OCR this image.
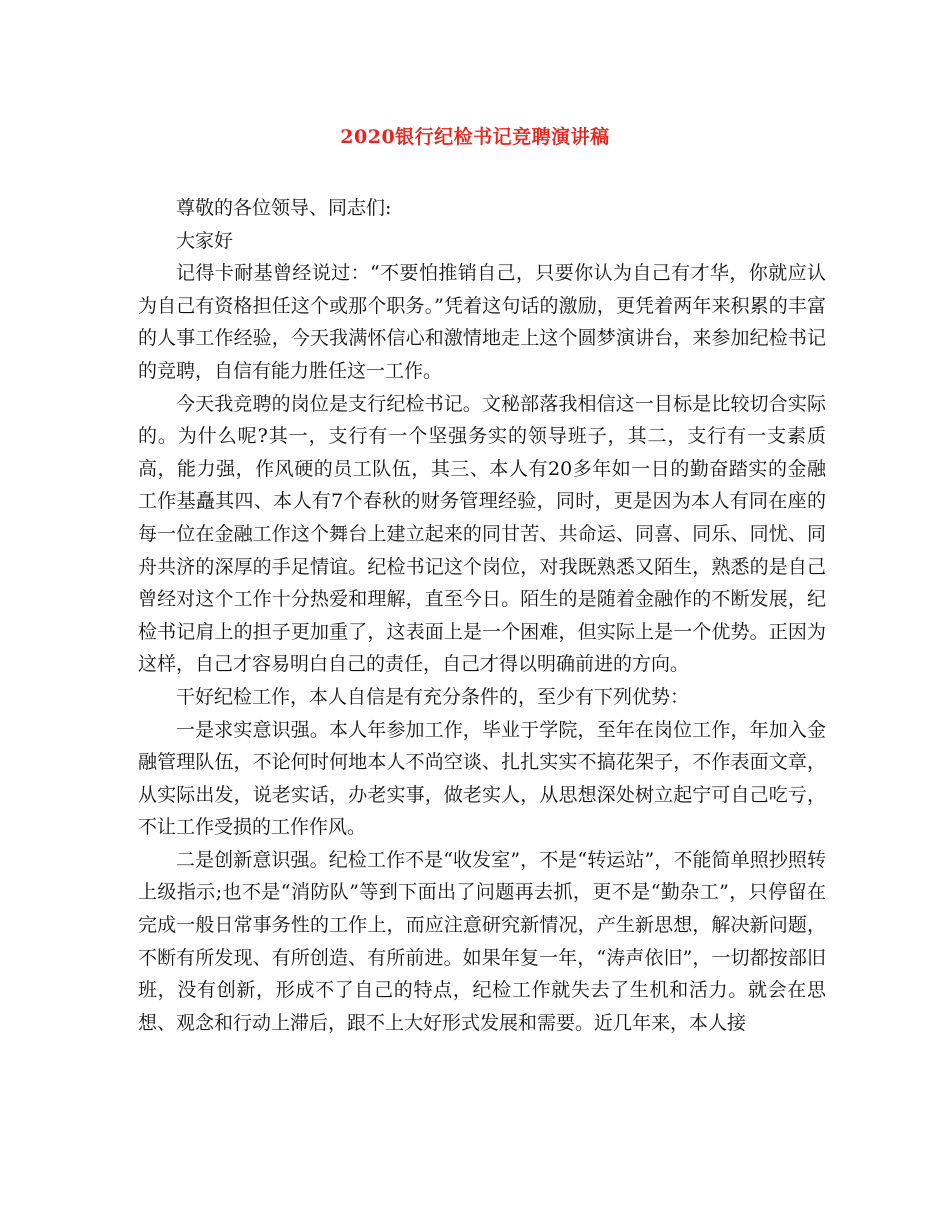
2020银行纪检书记竞聘演讲稿

尊敬的各位领导、同志们:

大家好

记得卡耐基曾经说过：“不要怕推销自己，只要你认为自己有才华，你就应认为自己有资格担任这个或那个职务。”凭着这句话的激励，更凭着两年来积累的丰富的人事工作经验，今天我满怀信心和激情地走上这个圆梦演讲台，来参加纪检书记的竞聘，自信有能力胜任这一工作。

今天我竞聘的岗位是支行纪检书记。文秘部落我相信这一目标是比较切合实际的。为什么呢?其一，支行有一个坚强务实的领导班子，其二，支行有一支素质高，能力强，作风硬的员工队伍，其三、本人有20多年如一日的勤奋踏实的金融工作基矗其四、本人有7个春秋的财务管理经验，同时，更是因为本人有同在座的每一位在金融工作这个舞台上建立起来的同甘苦、共命运、同喜、同乐、同忧、同舟共济的深厚的手足情谊。纪检书记这个岗位，对我既熟悉又陌生，熟悉的是自己曾经对这个工作十分热爱和理解，直至今日。陌生的是随着金融作的不断发展，纪检书记肩上的担子更加重了，这表面上是一个困难，但实际上是一个优势。正因为这样，自己才容易明白自己的责任，自己才得以明确前进的方向。

干好纪检工作，本人自信是有充分条件的，至少有下列优势：

一是求实意识强。本人年参加工作，毕业于学院，至年在岗位工作，年加入金融管理队伍，不论何时何地本人不尚空谈、扎扎实实不搞花架子，不作表面文章，从实际出发，说老实话，办老实事，做老实人，从思想深处树立起宁可自己吃亏，不让工作受损的工作作风。

二是创新意识强。纪检工作不是“收发室”，不是“转运站”，不能简单照抄照转上级指示;也不是“消防队”等到下面出了问题再去抓，更不是“勤杂工”，只停留在完成一般日常事务性的工作上，而应注意研究新情况，产生新思想，解决新问题，不断有所发现、有所创造、有所前进。如果年复一年，“涛声依旧”，一切都按部旧班，没有创新，形成不了自己的特点，纪检工作就失去了生机和活力。就会在思想、观念和行动上滞后，跟不上大好形式发展和需要。近几年来，本人接
